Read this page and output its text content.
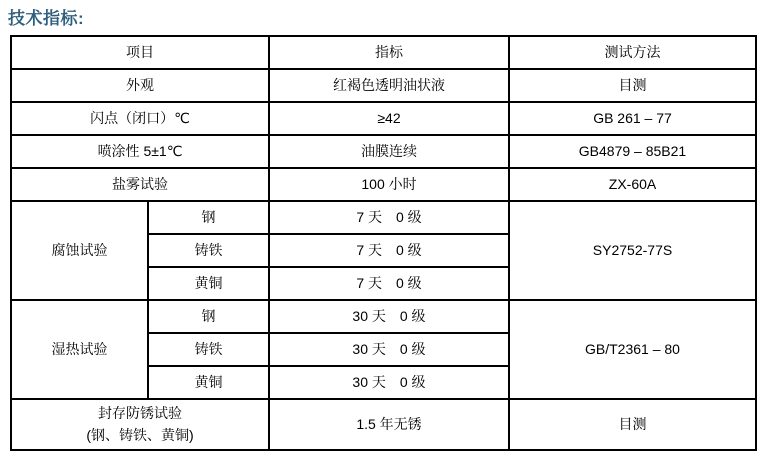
技术指标:
项目		指标	测试方法
外观		红褐色透明油状液	目测
闪点（闭口）℃		≥42	GB 261 – 77
喷涂性 5±1℃		油膜连续	GB4879 – 85B21
盐雾试验		100 小时	ZX-60A
腐蚀试验	钢	7 天　0 级	SY2752-77S
	铸铁	7 天　0 级	
	黄铜	7 天　0 级	
湿热试验	钢	30 天　0 级	GB/T2361 – 80
	铸铁	30 天　0 级	
	黄铜	30 天　0 级	

封存防锈试验
(钢、铸铁、黄铜)		1.5 年无锈	目测
